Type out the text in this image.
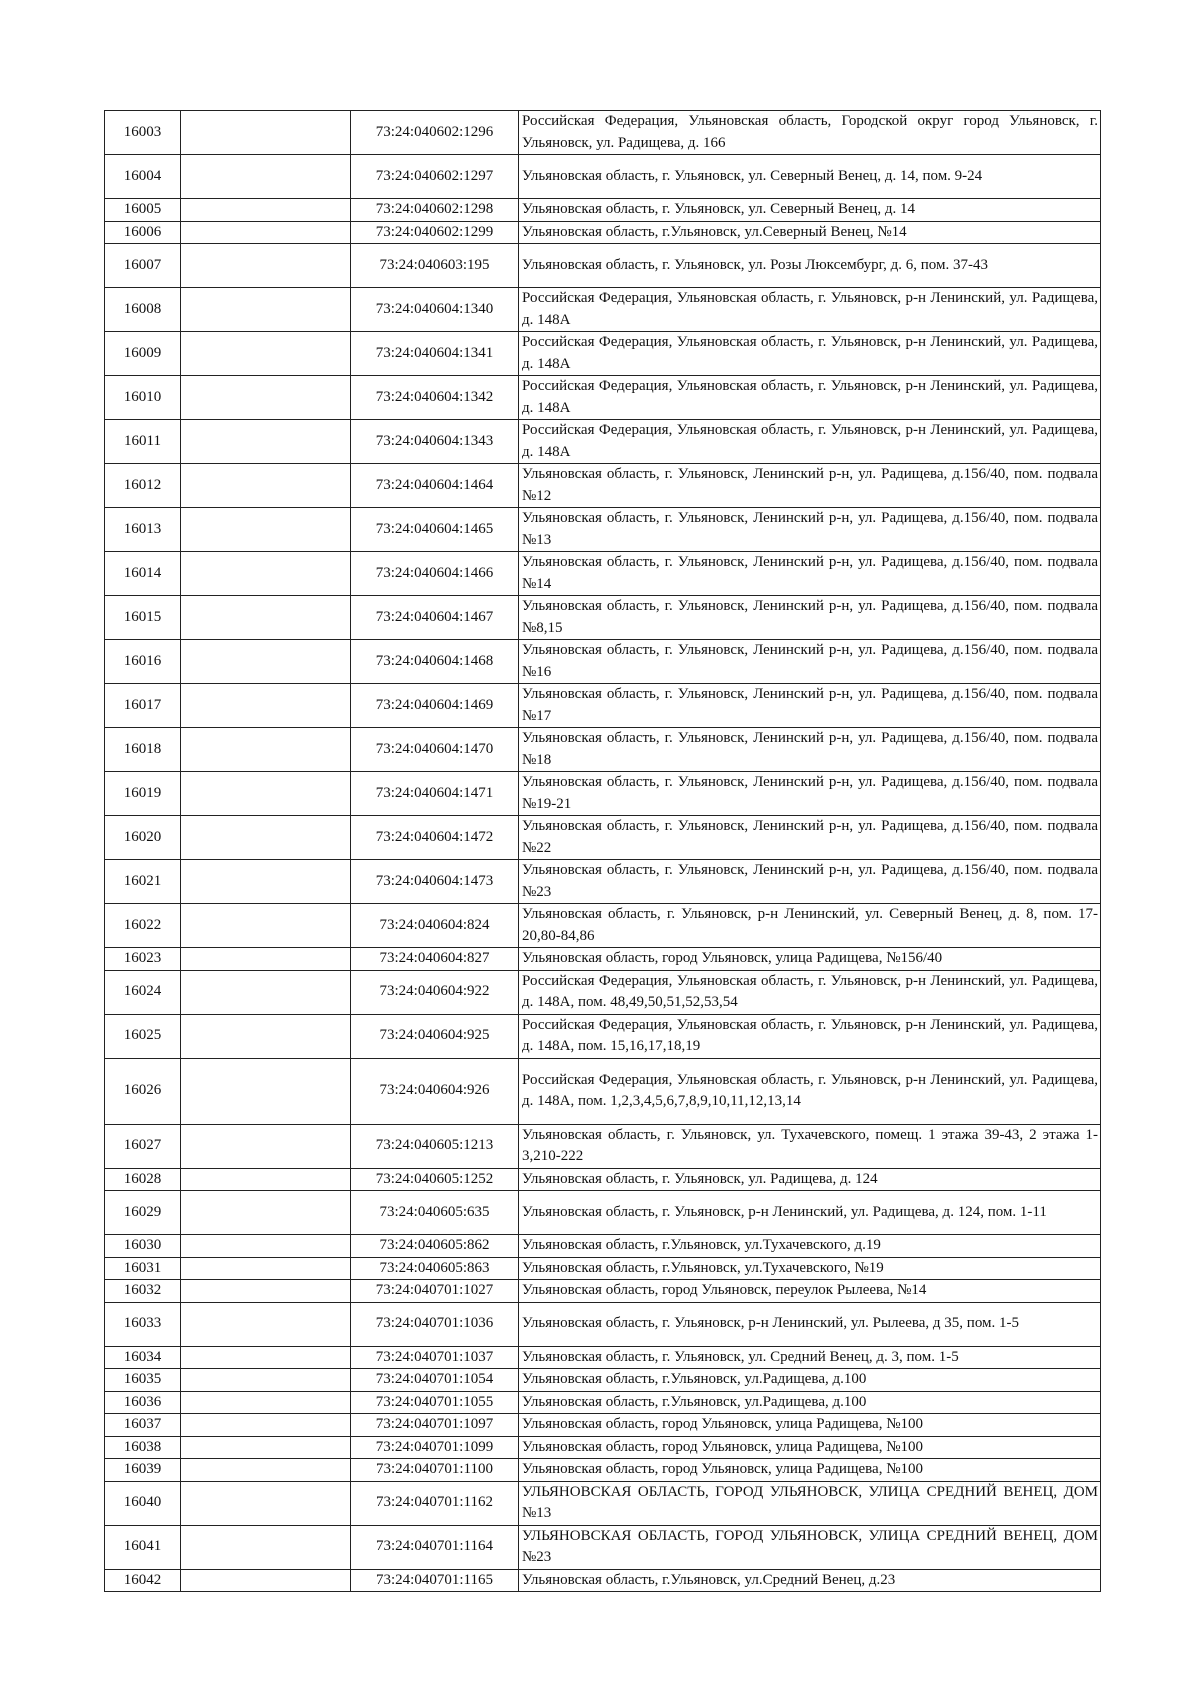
16003		73:24:040602:1296	Российская Федерация, Ульяновская область, Городской округ город Ульяновск, г. Ульяновск, ул. Радищева, д. 166
16004		73:24:040602:1297	Ульяновская область, г. Ульяновск, ул. Северный Венец, д. 14, пом. 9-24
16005		73:24:040602:1298	Ульяновская область, г. Ульяновск, ул. Северный Венец, д. 14
16006		73:24:040602:1299	Ульяновская область, г.Ульяновск, ул.Северный Венец, №14
16007		73:24:040603:195	Ульяновская область, г. Ульяновск, ул. Розы Люксембург, д. 6, пом. 37-43
16008		73:24:040604:1340	Российская Федерация, Ульяновская область, г. Ульяновск, р-н Ленинский, ул. Радищева, д. 148А
16009		73:24:040604:1341	Российская Федерация, Ульяновская область, г. Ульяновск, р-н Ленинский, ул. Радищева, д. 148А
16010		73:24:040604:1342	Российская Федерация, Ульяновская область, г. Ульяновск, р-н Ленинский, ул. Радищева, д. 148А
16011		73:24:040604:1343	Российская Федерация, Ульяновская область, г. Ульяновск, р-н Ленинский, ул. Радищева, д. 148А
16012		73:24:040604:1464	Ульяновская область, г. Ульяновск, Ленинский р-н, ул. Радищева, д.156/40, пом. подвала №12
16013		73:24:040604:1465	Ульяновская область, г. Ульяновск, Ленинский р-н, ул. Радищева, д.156/40, пом. подвала №13
16014		73:24:040604:1466	Ульяновская область, г. Ульяновск, Ленинский р-н, ул. Радищева, д.156/40, пом. подвала №14
16015		73:24:040604:1467	Ульяновская область, г. Ульяновск, Ленинский р-н, ул. Радищева, д.156/40, пом. подвала №8,15
16016		73:24:040604:1468	Ульяновская область, г. Ульяновск, Ленинский р-н, ул. Радищева, д.156/40, пом. подвала №16
16017		73:24:040604:1469	Ульяновская область, г. Ульяновск, Ленинский р-н, ул. Радищева, д.156/40, пом. подвала №17
16018		73:24:040604:1470	Ульяновская область, г. Ульяновск, Ленинский р-н, ул. Радищева, д.156/40, пом. подвала №18
16019		73:24:040604:1471	Ульяновская область, г. Ульяновск, Ленинский р-н, ул. Радищева, д.156/40, пом. подвала №19-21
16020		73:24:040604:1472	Ульяновская область, г. Ульяновск, Ленинский р-н, ул. Радищева, д.156/40, пом. подвала №22
16021		73:24:040604:1473	Ульяновская область, г. Ульяновск, Ленинский р-н, ул. Радищева, д.156/40, пом. подвала №23
16022		73:24:040604:824	Ульяновская область, г. Ульяновск, р-н Ленинский, ул. Северный Венец, д. 8, пом. 17-20,80-84,86
16023		73:24:040604:827	Ульяновская область, город Ульяновск, улица Радищева, №156/40
16024		73:24:040604:922	Российская Федерация, Ульяновская область, г. Ульяновск, р-н Ленинский, ул. Радищева, д. 148А, пом. 48,49,50,51,52,53,54
16025		73:24:040604:925	Российская Федерация, Ульяновская область, г. Ульяновск, р-н Ленинский, ул. Радищева, д. 148А, пом. 15,16,17,18,19
16026		73:24:040604:926	Российская Федерация, Ульяновская область, г. Ульяновск, р-н Ленинский, ул. Радищева, д. 148А, пом. 1,2,3,4,5,6,7,8,9,10,11,12,13,14
16027		73:24:040605:1213	Ульяновская область, г. Ульяновск, ул. Тухачевского, помещ. 1 этажа 39-43, 2 этажа 1-3,210-222
16028		73:24:040605:1252	Ульяновская область, г. Ульяновск, ул. Радищева, д. 124
16029		73:24:040605:635	Ульяновская область, г. Ульяновск, р-н Ленинский, ул. Радищева, д. 124, пом. 1-11
16030		73:24:040605:862	Ульяновская область, г.Ульяновск, ул.Тухачевского, д.19
16031		73:24:040605:863	Ульяновская область, г.Ульяновск, ул.Тухачевского, №19
16032		73:24:040701:1027	Ульяновская область, город Ульяновск, переулок Рылеева, №14
16033		73:24:040701:1036	Ульяновская область, г. Ульяновск, р-н Ленинский, ул. Рылеева, д 35, пом. 1-5
16034		73:24:040701:1037	Ульяновская область, г. Ульяновск, ул. Средний Венец, д. 3, пом. 1-5
16035		73:24:040701:1054	Ульяновская область, г.Ульяновск, ул.Радищева, д.100
16036		73:24:040701:1055	Ульяновская область, г.Ульяновск, ул.Радищева, д.100
16037		73:24:040701:1097	Ульяновская область, город Ульяновск, улица Радищева, №100
16038		73:24:040701:1099	Ульяновская область, город Ульяновск, улица Радищева, №100
16039		73:24:040701:1100	Ульяновская область, город Ульяновск, улица Радищева, №100
16040		73:24:040701:1162	УЛЬЯНОВСКАЯ ОБЛАСТЬ, ГОРОД УЛЬЯНОВСК, УЛИЦА СРЕДНИЙ ВЕНЕЦ, ДОМ №13
16041		73:24:040701:1164	УЛЬЯНОВСКАЯ ОБЛАСТЬ, ГОРОД УЛЬЯНОВСК, УЛИЦА СРЕДНИЙ ВЕНЕЦ, ДОМ №23
16042		73:24:040701:1165	Ульяновская область, г.Ульяновск, ул.Средний Венец, д.23
